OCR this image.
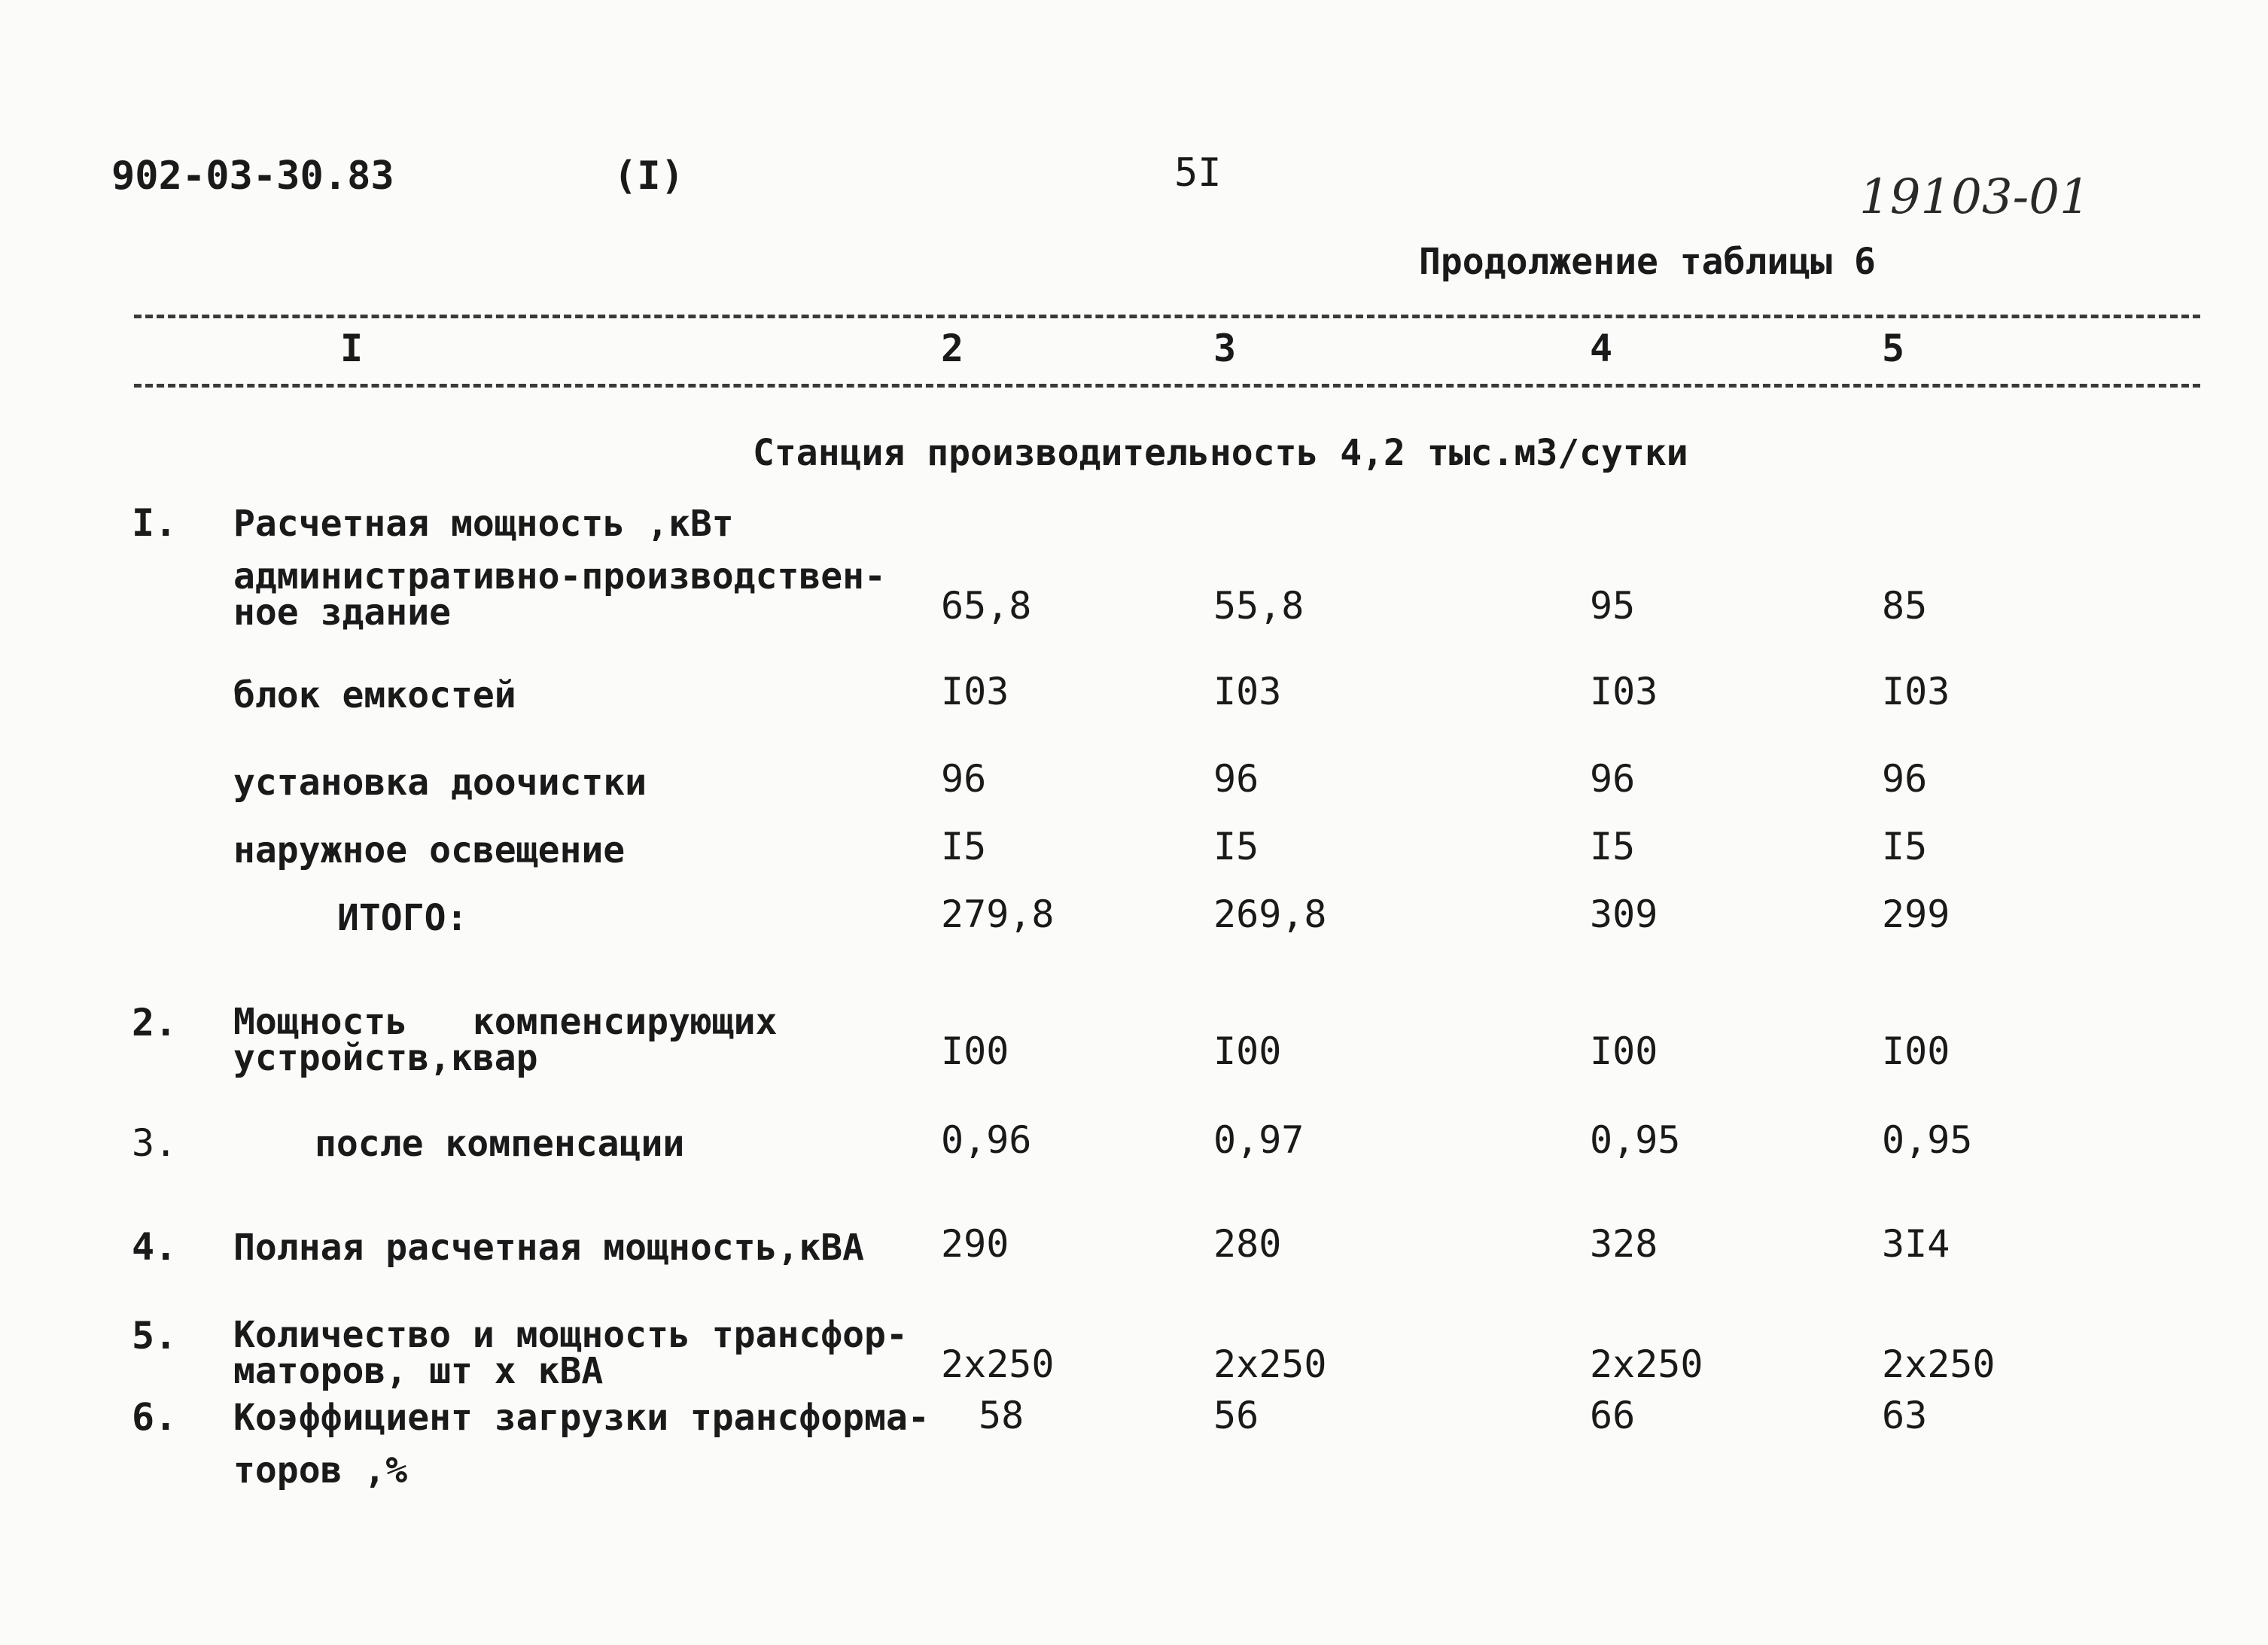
902-03-30.83	(I)	5I	19103-01
Продолжение таблицы 6
I	2	3	4	5
Станция производительность 4,2 тыс.м3/сутки
I. Расчетная мощность ,кВт
административно-производствен-
ное здание	65,8	55,8	95	85
блок емкостей	I03	I03	I03	I03
установка доочистки	96	96	96	96
наружное освещение	I5	I5	I5	I5
ИТОГО:	279,8	269,8	309	299
2. Мощность   компенсирующих
устройств,квар	I00	I00	I00	I00
3.	после компенсации	0,96	0,97	0,95	0,95
4. Полная расчетная мощность,кВА 290	280	328	3I4
5. Количество и мощность трансфор-
маторов, шт x кВА	2x250	2x250	2x250	2x250
6. Коэффициент загрузки трансформа-
торов ,%
58	56	66	63
